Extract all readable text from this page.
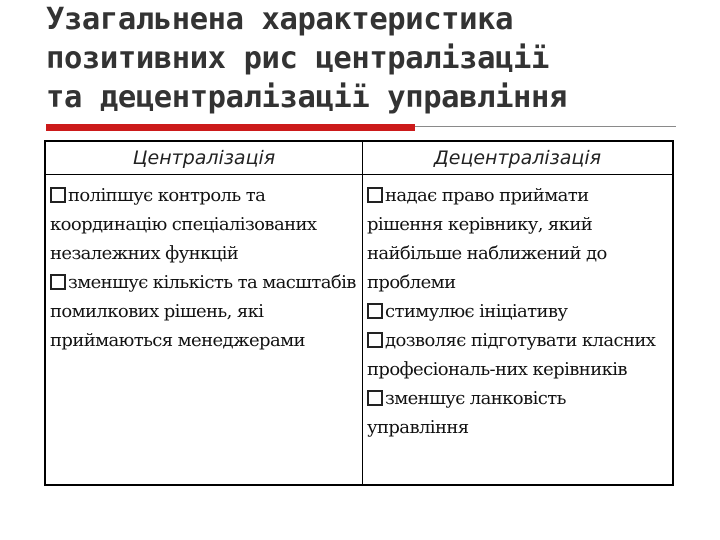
Узагальнена характеристика
позитивних рис централізації
та децентралізації управління
Централізація

поліпшує контроль та координацію спеціалізованих незалежних функцій

зменшує кількість та масштабів помилкових рішень, які приймаються менеджерами

Децентралізація

надає право приймати рішення керівнику, який найбільше наближений до проблеми

стимулює ініціативу

дозволяє підготувати класних професіональ-них керівників

зменшує ланковість управління
